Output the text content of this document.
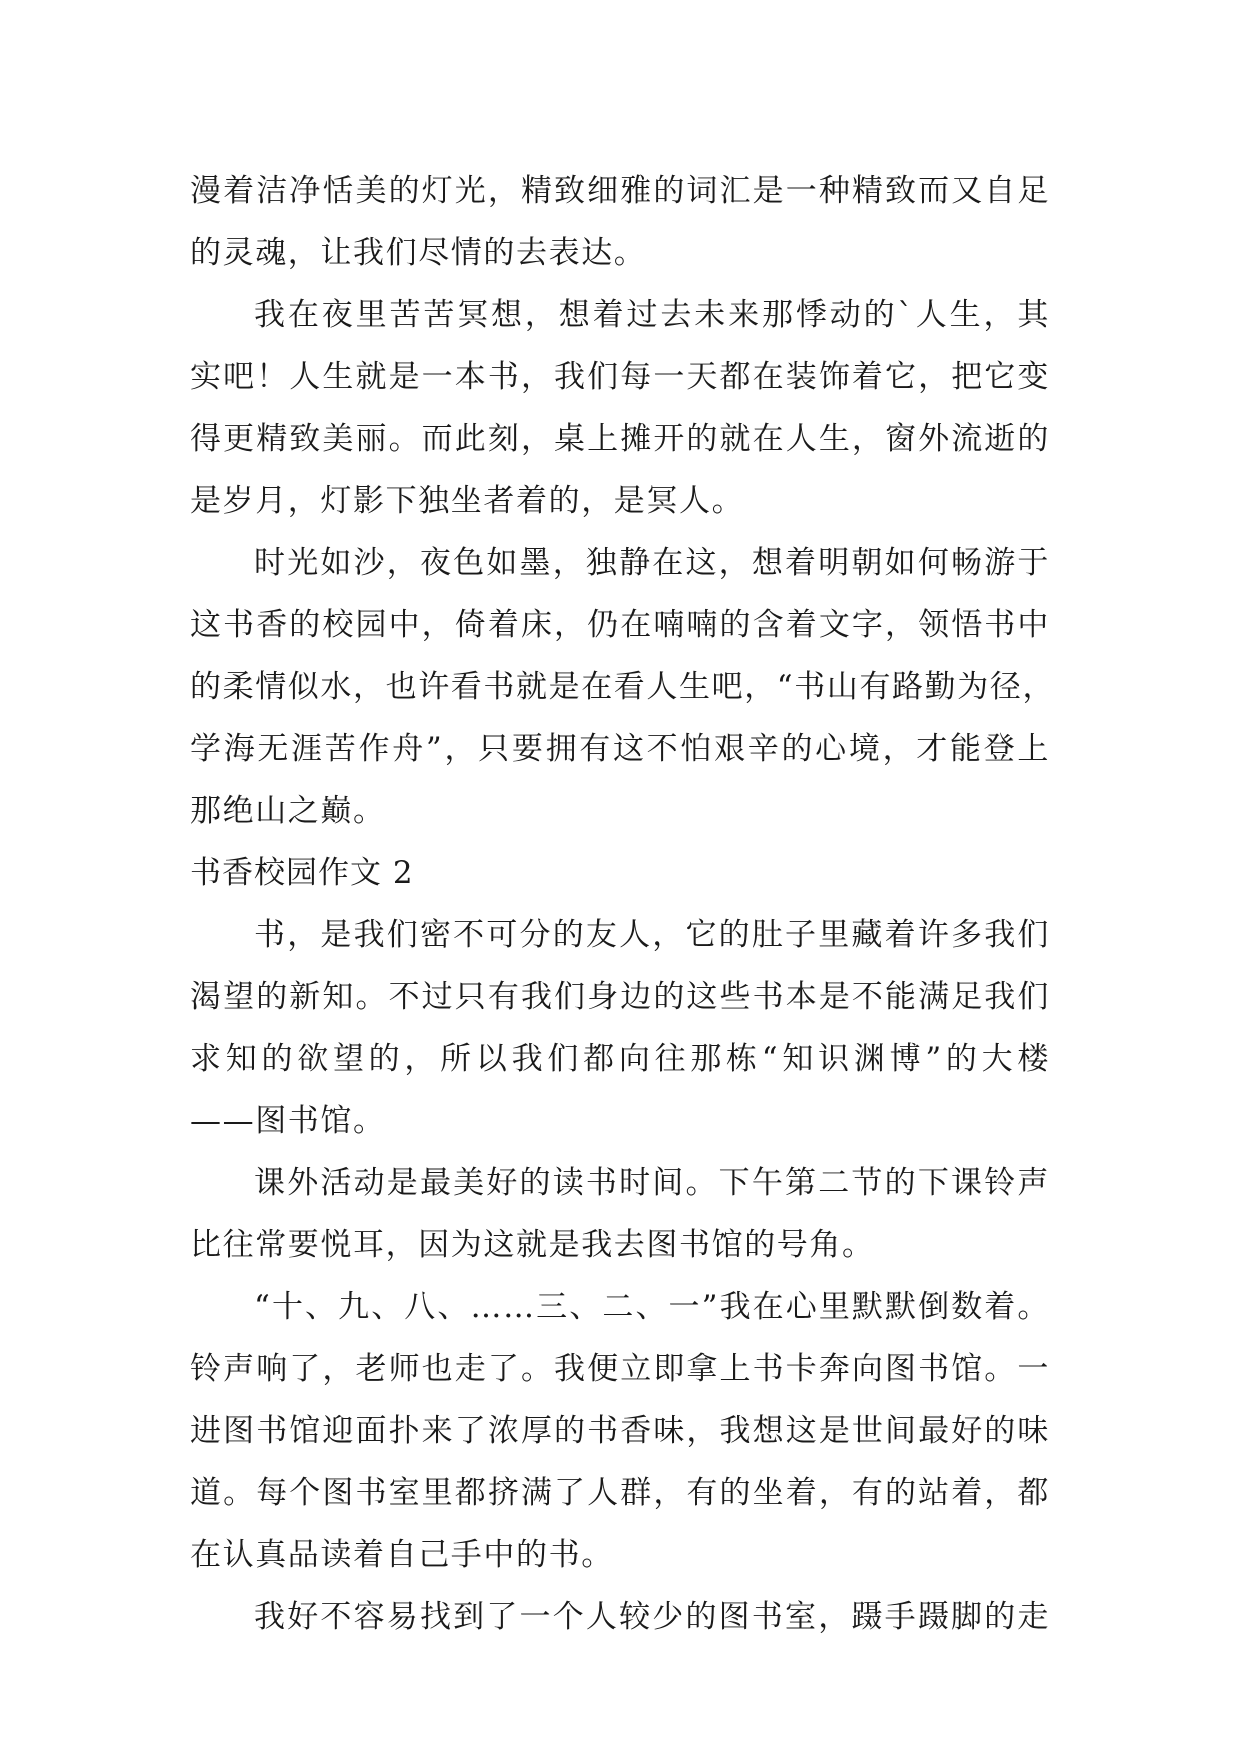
漫着洁净恬美的灯光，精致细雅的词汇是一种精致而又自足
的灵魂，让我们尽情的去表达。
我在夜里苦苦冥想，想着过去未来那悸动的`人生，其
实吧！人生就是一本书，我们每一天都在装饰着它，把它变
得更精致美丽。而此刻，桌上摊开的就在人生，窗外流逝的
是岁月，灯影下独坐者着的，是冥人。
时光如沙，夜色如墨，独静在这，想着明朝如何畅游于
这书香的校园中，倚着床，仍在喃喃的含着文字，领悟书中
的柔情似水，也许看书就是在看人生吧，“书山有路勤为径，
学海无涯苦作舟”，只要拥有这不怕艰辛的心境，才能登上
那绝山之巅。
书香校园作文 2
书，是我们密不可分的友人，它的肚子里藏着许多我们
渴望的新知。不过只有我们身边的这些书本是不能满足我们
求知的欲望的，所以我们都向往那栋“知识渊博”的大楼
——图书馆。
课外活动是最美好的读书时间。下午第二节的下课铃声
比往常要悦耳，因为这就是我去图书馆的号角。
“十、九、八、……三、二、一”我在心里默默倒数着。
铃声响了，老师也走了。我便立即拿上书卡奔向图书馆。一
进图书馆迎面扑来了浓厚的书香味，我想这是世间最好的味
道。每个图书室里都挤满了人群，有的坐着，有的站着，都
在认真品读着自己手中的书。
我好不容易找到了一个人较少的图书室，蹑手蹑脚的走
